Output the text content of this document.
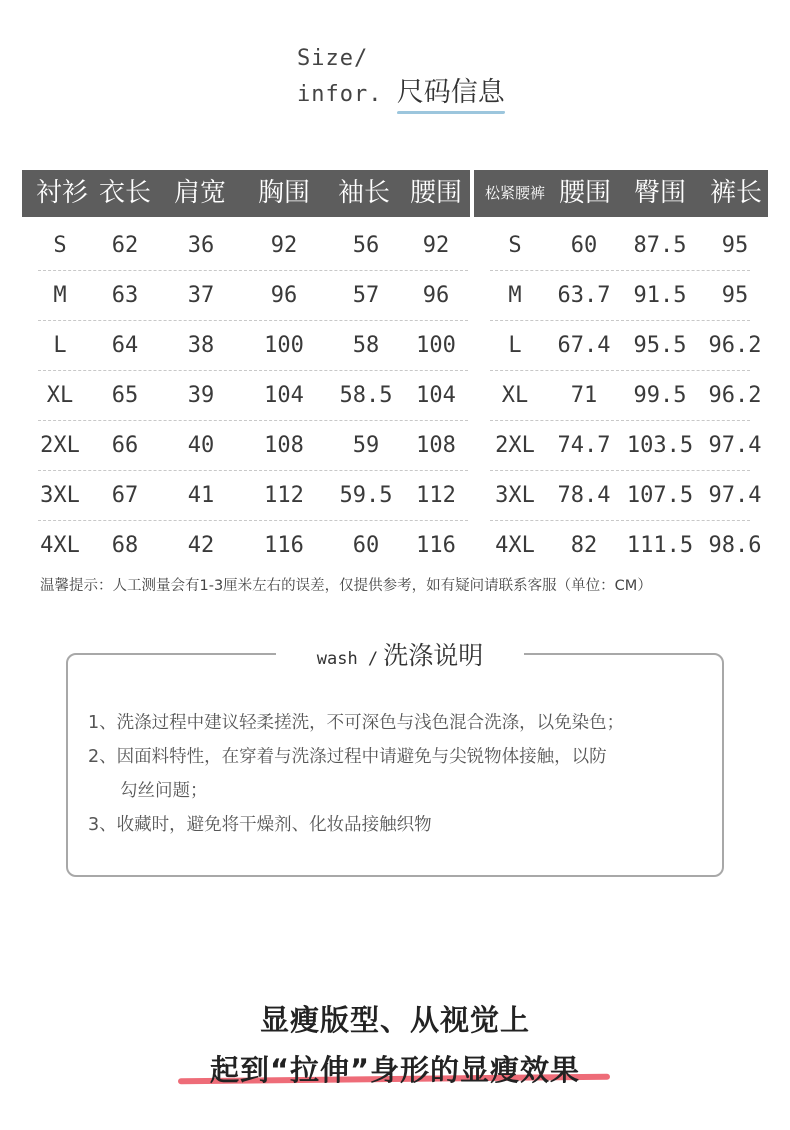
Size/
infor. 尺码信息
衬衫 衣长 肩宽 胸围 袖长 腰围	松紧腰裤 腰围 臀围 裤长
S	62	36	92	56	92	S	60	87.5	95
M	63	37	96	57	96	M	63.7	91.5	95
L	64	38	100	58	100	L	67.4	95.5	96.2
XL	65	39	104	58.5	104	XL	71	99.5	96.2
2XL	66	40	108	59	108	2XL	74.7 103.5 97.4
3XL	67	41	112	59.5	112	3XL	78.4 107.5 97.4
4XL	68	42	116	60	116	4XL	82	111.5 98.6
温馨提示：人工测量会有1-3厘米左右的误差，仅提供参考，如有疑问请联系客服（单位：CM）
wash / 洗涤说明
1、洗涤过程中建议轻柔搓洗，不可深色与浅色混合洗涤，以免染色；
2、因面料特性，在穿着与洗涤过程中请避免与尖锐物体接触，以防
勾丝问题；
3、收藏时，避免将干燥剂、化妆品接触织物
显瘦版型、从视觉上
起到“拉伸”身形的显瘦效果
